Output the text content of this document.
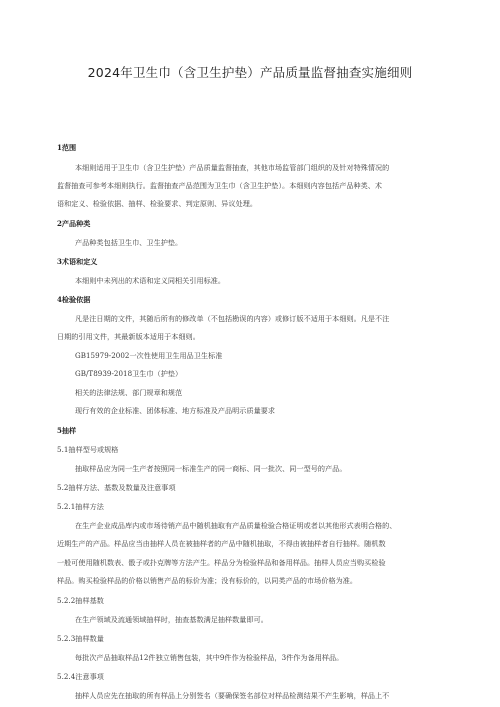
2024年卫生巾（含卫生护垫）产品质量监督抽查实施细则
1范围
本细则适用于卫生巾（含卫生护垫）产品质量监督抽查，其他市场监管部门组织的及针对特殊情况的
监督抽查可参考本细则执行。监督抽查产品范围为卫生巾（含卫生护垫）。本细则内容包括产品种类、术
语和定义、检验依据、抽样、检验要求、判定原则、异议处理。
2产品种类
产品种类包括卫生巾、卫生护垫。
3术语和定义
本细则中未列出的术语和定义同相关引用标准。
4检验依据
凡是注日期的文件，其随后所有的修改单（不包括勘误的内容）或修订版不适用于本细则。凡是不注
日期的引用文件，其最新版本适用于本细则。
GB15979-2002一次性使用卫生用品卫生标准
GB/T8939-2018卫生巾（护垫）
相关的法律法规、部门规章和规范
现行有效的企业标准、团体标准、地方标准及产品明示质量要求
5抽样
5.1抽样型号或规格
抽取样品应为同一生产者按照同一标准生产的同一商标、同一批次、同一型号的产品。
5.2抽样方法、基数及数量及注意事项
5.2.1抽样方法
在生产企业成品库内或市场待销产品中随机抽取有产品质量检验合格证明或者以其他形式表明合格的、
近期生产的产品。样品应当由抽样人员在被抽样者的产品中随机抽取，不得由被抽样者自行抽样。随机数
一般可使用随机数表、骰子或扑克牌等方法产生。样品分为检验样品和备用样品。抽样人员应当购买检验
样品。购买检验样品的价格以销售产品的标价为准；没有标价的，以同类产品的市场价格为准。
5.2.2抽样基数
在生产领域及流通领域抽样时，抽查基数满足抽样数量即可。
5.2.3抽样数量
每批次产品抽取样品12件独立销售包装，其中9件作为检验样品，3件作为备用样品。
5.2.4注意事项
抽样人员应先在抽取的所有样品上分别签名（要确保签名部位对样品检测结果不产生影响，样品上不
